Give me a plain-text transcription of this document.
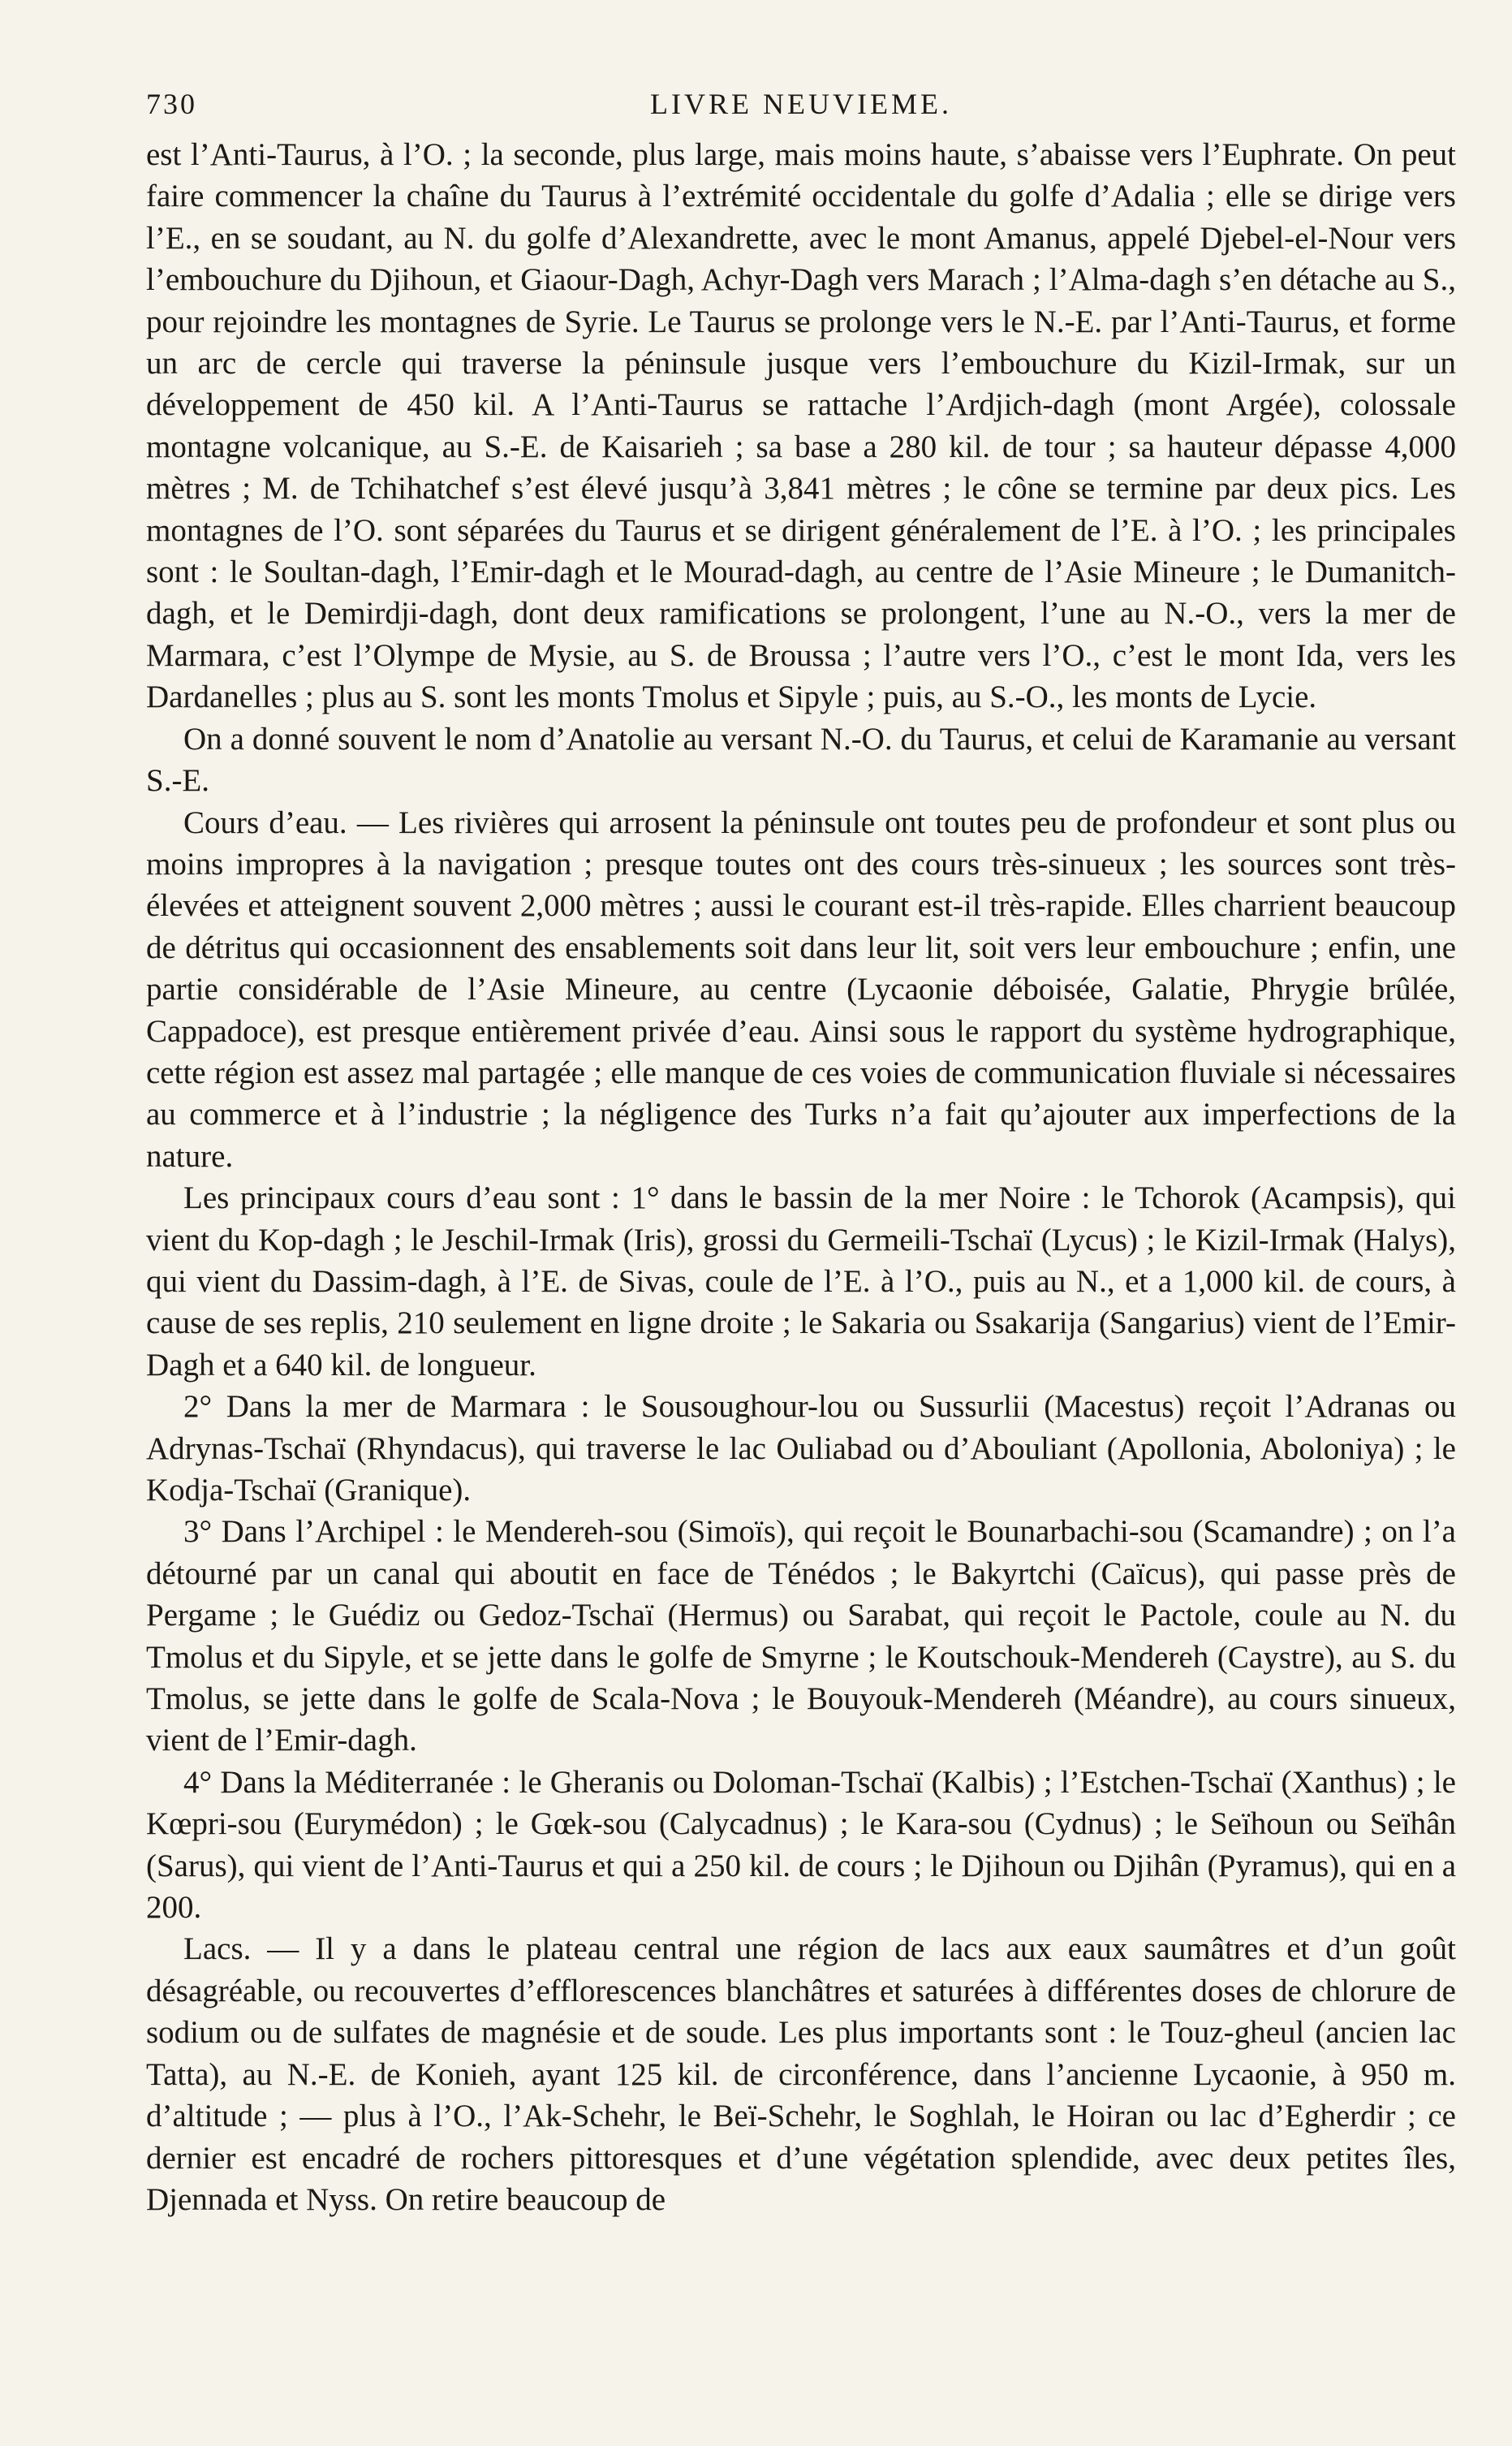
730	LIVRE NEUVIEME.

est l’Anti-Taurus, à l’O. ; la seconde, plus large, mais moins haute, s’abaisse vers l’Euphrate. On peut faire commencer la chaîne du Taurus à l’extrémité occidentale du golfe d’Adalia ; elle se dirige vers l’E., en se soudant, au N. du golfe d’Alexandrette, avec le mont Amanus, appelé Djebel-el-Nour vers l’embouchure du Djihoun, et Giaour-Dagh, Achyr-Dagh vers Marach ; l’Alma-dagh s’en détache au S., pour rejoindre les montagnes de Syrie. Le Taurus se prolonge vers le N.-E. par l’Anti-Taurus, et forme un arc de cercle qui traverse la péninsule jusque vers l’embouchure du Kizil-Irmak, sur un développement de 450 kil. A l’Anti-Taurus se rattache l’Ardjich-dagh (mont Argée), colossale montagne volcanique, au S.-E. de Kaisarieh ; sa base a 280 kil. de tour ; sa hauteur dépasse 4,000 mètres ; M. de Tchihatchef s’est élevé jusqu’à 3,841 mètres ; le cône se termine par deux pics. Les montagnes de l’O. sont séparées du Taurus et se dirigent généralement de l’E. à l’O. ; les principales sont : le Soultan-dagh, l’Emir-dagh et le Mourad-dagh, au centre de l’Asie Mineure ; le Dumanitch-dagh, et le Demirdji-dagh, dont deux ramifications se prolongent, l’une au N.-O., vers la mer de Marmara, c’est l’Olympe de Mysie, au S. de Broussa ; l’autre vers l’O., c’est le mont Ida, vers les Dardanelles ; plus au S. sont les monts Tmolus et Sipyle ; puis, au S.-O., les monts de Lycie.

On a donné souvent le nom d’Anatolie au versant N.-O. du Taurus, et celui de Karamanie au versant S.-E.

Cours d’eau. — Les rivières qui arrosent la péninsule ont toutes peu de profondeur et sont plus ou moins impropres à la navigation ; presque toutes ont des cours très-sinueux ; les sources sont très-élevées et atteignent souvent 2,000 mètres ; aussi le courant est-il très-rapide. Elles charrient beaucoup de détritus qui occasionnent des ensablements soit dans leur lit, soit vers leur embouchure ; enfin, une partie considérable de l’Asie Mineure, au centre (Lycaonie déboisée, Galatie, Phrygie brûlée, Cappadoce), est presque entièrement privée d’eau. Ainsi sous le rapport du système hydrographique, cette région est assez mal partagée ; elle manque de ces voies de communication fluviale si nécessaires au commerce et à l’industrie ; la négligence des Turks n’a fait qu’ajouter aux imperfections de la nature.

Les principaux cours d’eau sont : 1° dans le bassin de la mer Noire : le Tchorok (Acampsis), qui vient du Kop-dagh ; le Jeschil-Irmak (Iris), grossi du Germeili-Tschaï (Lycus) ; le Kizil-Irmak (Halys), qui vient du Dassim-dagh, à l’E. de Sivas, coule de l’E. à l’O., puis au N., et a 1,000 kil. de cours, à cause de ses replis, 210 seulement en ligne droite ; le Sakaria ou Ssakarija (Sangarius) vient de l’Emir-Dagh et a 640 kil. de longueur.

2° Dans la mer de Marmara : le Sousoughour-lou ou Sussurlii (Macestus) reçoit l’Adranas ou Adrynas-Tschaï (Rhyndacus), qui traverse le lac Ouliabad ou d’Abouliant (Apollonia, Aboloniya) ; le Kodja-Tschaï (Granique).

3° Dans l’Archipel : le Mendereh-sou (Simoïs), qui reçoit le Bounarbachi-sou (Scamandre) ; on l’a détourné par un canal qui aboutit en face de Ténédos ; le Bakyrtchi (Caïcus), qui passe près de Pergame ; le Guédiz ou Gedoz-Tschaï (Hermus) ou Sarabat, qui reçoit le Pactole, coule au N. du Tmolus et du Sipyle, et se jette dans le golfe de Smyrne ; le Koutschouk-Mendereh (Caystre), au S. du Tmolus, se jette dans le golfe de Scala-Nova ; le Bouyouk-Mendereh (Méandre), au cours sinueux, vient de l’Emir-dagh.

4° Dans la Méditerranée : le Gheranis ou Doloman-Tschaï (Kalbis) ; l’Estchen-Tschaï (Xanthus) ; le Kœpri-sou (Eurymédon) ; le Gœk-sou (Calycadnus) ; le Kara-sou (Cydnus) ; le Seïhoun ou Seïhân (Sarus), qui vient de l’Anti-Taurus et qui a 250 kil. de cours ; le Djihoun ou Djihân (Pyramus), qui en a 200.

Lacs. — Il y a dans le plateau central une région de lacs aux eaux saumâtres et d’un goût désagréable, ou recouvertes d’efflorescences blanchâtres et saturées à différentes doses de chlorure de sodium ou de sulfates de magnésie et de soude. Les plus importants sont : le Touz-gheul (ancien lac Tatta), au N.-E. de Konieh, ayant 125 kil. de circonférence, dans l’ancienne Lycaonie, à 950 m. d’altitude ; — plus à l’O., l’Ak-Schehr, le Beï-Schehr, le Soghlah, le Hoiran ou lac d’Egherdir ; ce dernier est encadré de rochers pittoresques et d’une végétation splendide, avec deux petites îles, Djennada et Nyss. On retire beaucoup de
